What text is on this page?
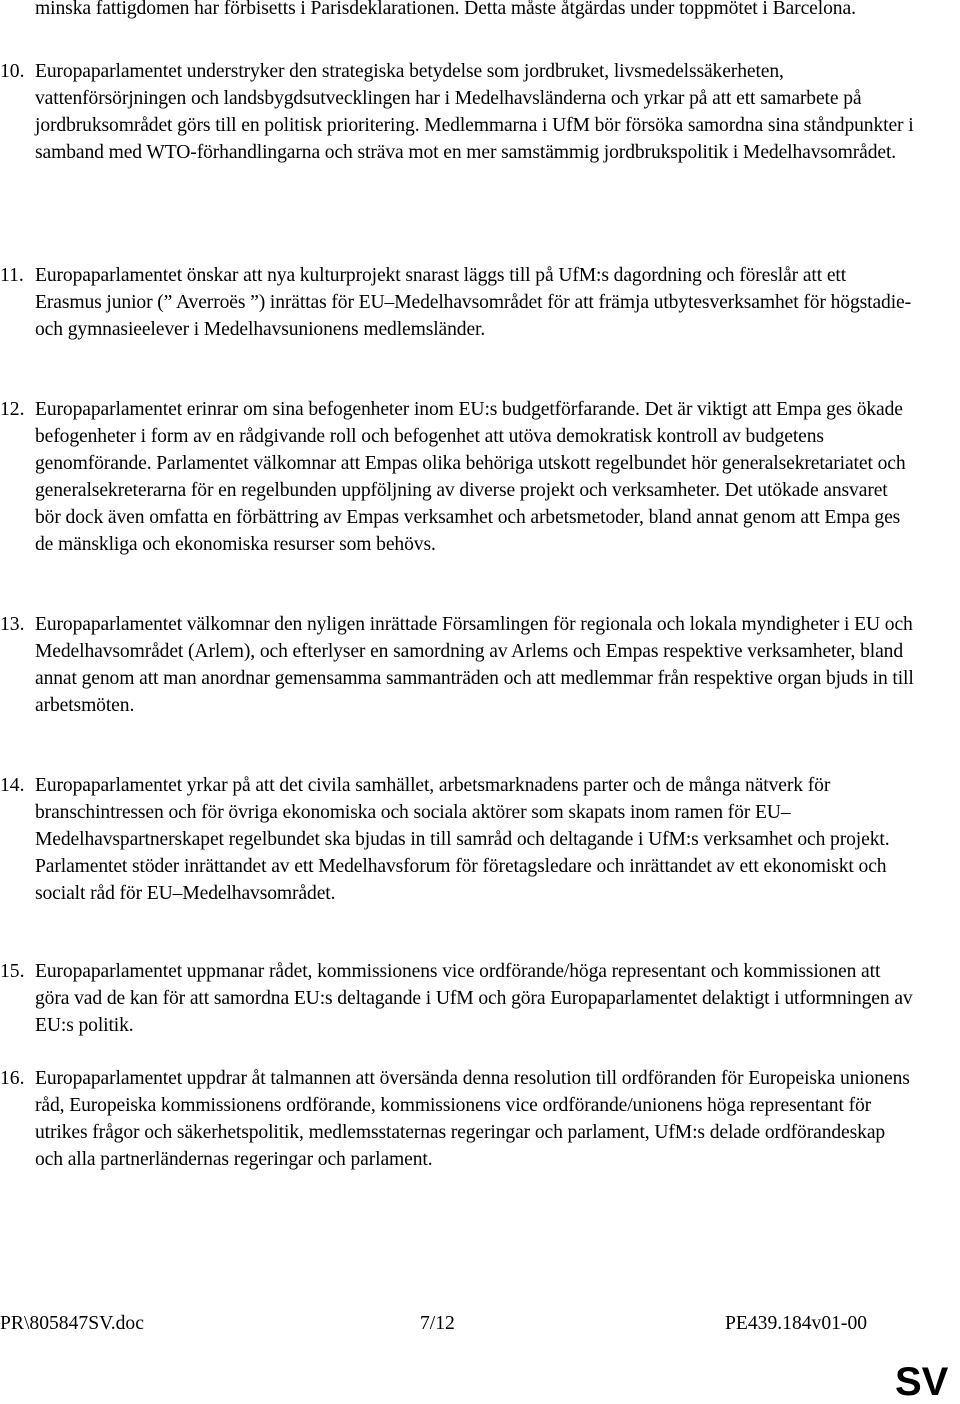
minska fattigdomen har förbisetts i Parisdeklarationen. Detta måste åtgärdas under toppmötet i Barcelona.

10. Europaparlamentet understryker den strategiska betydelse som jordbruket, livsmedelssäkerheten, vattenförsörjningen och landsbygdsutvecklingen har i Medelhavsländerna och yrkar på att ett samarbete på jordbruksområdet görs till en politisk prioritering. Medlemmarna i UfM bör försöka samordna sina ståndpunkter i samband med WTO-förhandlingarna och sträva mot en mer samstämmig jordbrukspolitik i Medelhavsområdet.

11. Europaparlamentet önskar att nya kulturprojekt snarast läggs till på UfM:s dagordning och föreslår att ett Erasmus junior (” Averroës ”) inrättas för EU–Medelhavsområdet för att främja utbytesverksamhet för högstadie- och gymnasieelever i Medelhavsunionens medlemsländer.

12. Europaparlamentet erinrar om sina befogenheter inom EU:s budgetförfarande. Det är viktigt att Empa ges ökade befogenheter i form av en rådgivande roll och befogenhet att utöva demokratisk kontroll av budgetens genomförande. Parlamentet välkomnar att Empas olika behöriga utskott regelbundet hör generalsekretariatet och generalsekreterarna för en regelbunden uppföljning av diverse projekt och verksamheter. Det utökade ansvaret bör dock även omfatta en förbättring av Empas verksamhet och arbetsmetoder, bland annat genom att Empa ges de mänskliga och ekonomiska resurser som behövs.

13. Europaparlamentet välkomnar den nyligen inrättade Församlingen för regionala och lokala myndigheter i EU och Medelhavsområdet (Arlem), och efterlyser en samordning av Arlems och Empas respektive verksamheter, bland annat genom att man anordnar gemensamma sammanträden och att medlemmar från respektive organ bjuds in till arbetsmöten.

14. Europaparlamentet yrkar på att det civila samhället, arbetsmarknadens parter och de många nätverk för branschintressen och för övriga ekonomiska och sociala aktörer som skapats inom ramen för EU–Medelhavspartnerskapet regelbundet ska bjudas in till samråd och deltagande i UfM:s verksamhet och projekt. Parlamentet stöder inrättandet av ett Medelhavsforum för företagsledare och inrättandet av ett ekonomiskt och socialt råd för EU–Medelhavsområdet.

15. Europaparlamentet uppmanar rådet, kommissionens vice ordförande/höga representant och kommissionen att göra vad de kan för att samordna EU:s deltagande i UfM och göra Europaparlamentet delaktigt i utformningen av EU:s politik.

16. Europaparlamentet uppdrar åt talmannen att översända denna resolution till ordföranden för Europeiska unionens råd, Europeiska kommissionens ordförande, kommissionens vice ordförande/unionens höga representant för utrikes frågor och säkerhetspolitik, medlemsstaternas regeringar och parlament, UfM:s delade ordförandeskap och alla partnerländernas regeringar och parlament.

PR\805847SV.doc	7/12	PE439.184v01-00
SV
